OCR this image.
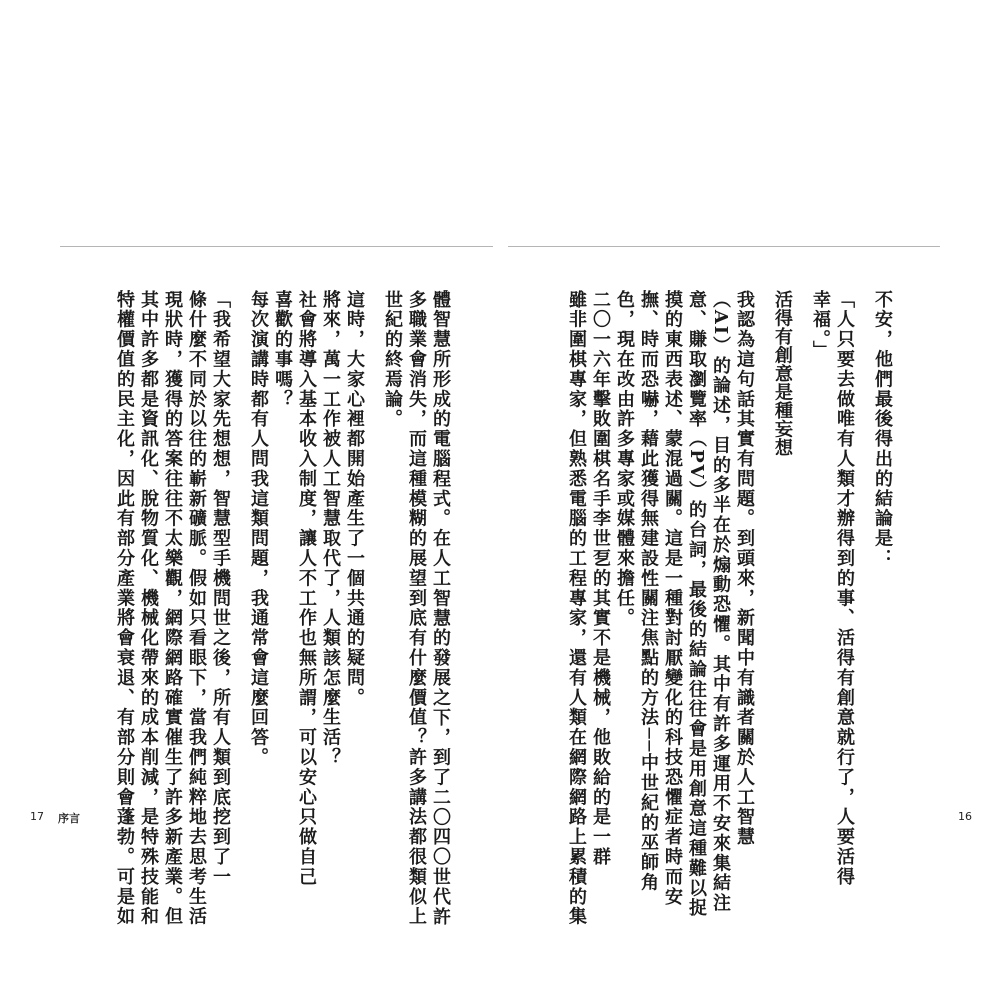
不安，他們最後得出的結論是：
「人只要去做唯有人類才辦得到的事、活得有創意就行了，人要活得
幸福。」
活得有創意是種妄想
我認為這句話其實有問題。到頭來，新聞中有識者關於人工智慧
（AI）的論述，目的多半在於煽動恐懼。其中有許多運用不安來集結注
意、賺取瀏覽率（PV）的台詞，最後的結論往往會是用創意這種難以捉
摸的東西表述、蒙混過關。這是一種對討厭變化的科技恐懼症者時而安
撫、時而恐嚇，藉此獲得無建設性關注焦點的方法──中世紀的巫師角
色，現在改由許多專家或媒體來擔任。
二〇一六年擊敗圍棋名手李世乭的其實不是機械，他敗給的是一群
雖非圍棋專家，但熟悉電腦的工程專家，還有人類在網際網路上累積的集
體智慧所形成的電腦程式。在人工智慧的發展之下，到了二〇四〇世代許
多職業會消失，而這種模糊的展望到底有什麼價值？許多講法都很類似上
世紀的終焉論。
這時，大家心裡都開始產生了一個共通的疑問。
將來，萬一工作被人工智慧取代了，人類該怎麼生活？
社會將導入基本收入制度，讓人不工作也無所謂，可以安心只做自己
喜歡的事嗎？
每次演講時都有人問我這類問題，我通常會這麼回答。
「我希望大家先想想，智慧型手機問世之後，所有人類到底挖到了一
條什麼不同於以往的嶄新礦脈。假如只看眼下，當我們純粹地去思考生活
現狀時，獲得的答案往往不太樂觀，網際網路確實催生了許多新產業。但
其中許多都是資訊化、脫物質化、機械化帶來的成本削減，是特殊技能和
特權價值的民主化，因此有部分產業將會衰退、有部分則會蓬勃。可是如
17 序言	16
